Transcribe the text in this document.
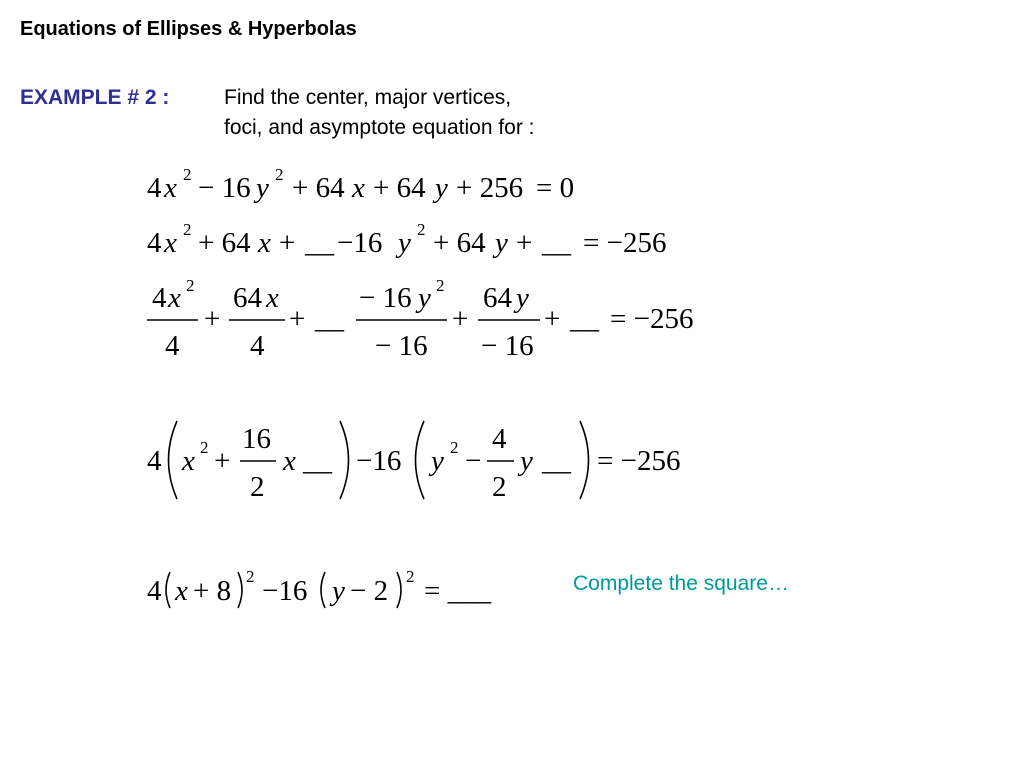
Equations of Ellipses & Hyperbolas
EXAMPLE # 2 :	Find the center, major vertices,
foci, and asymptote equation for :
Complete the square…
4 x 2 − 16 y 2 + 64 x + 64 y + 256 = 0
4 x 2 + 64 x + __ −16 y 2 + 64 y + __ = −256
4 x 2
4
+
64 x
4
+ __
− 16 y 2
− 16
+
64 y
− 16
+ __ = −256
4 x 2 +
16
2
x __ −16 y 2 −
4
2
y __ = −256
4 x + 8 2 −16 y − 2 2 = ___
